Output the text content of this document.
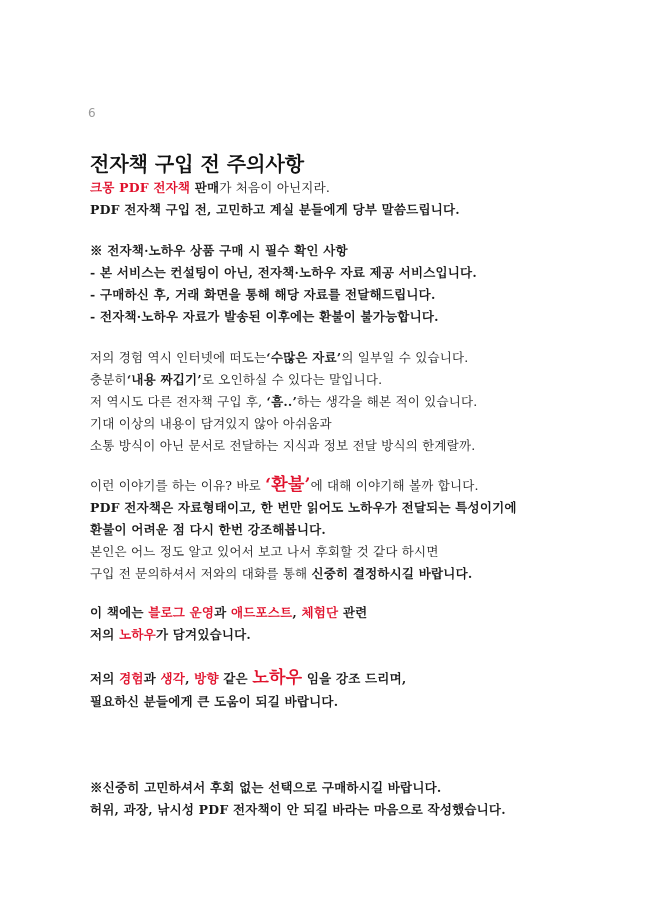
6
전자책 구입 전 주의사항
크몽 PDF 전자책 판매가 처음이 아닌지라.
PDF 전자책 구입 전, 고민하고 계실 분들에게 당부 말씀드립니다.
※ 전자책·노하우 상품 구매 시 필수 확인 사항
- 본 서비스는 컨설팅이 아닌, 전자책·노하우 자료 제공 서비스입니다.
- 구매하신 후, 거래 화면을 통해 해당 자료를 전달해드립니다.
- 전자책·노하우 자료가 발송된 이후에는 환불이 불가능합니다.
저의 경험 역시 인터넷에 떠도는‘수많은 자료’의 일부일 수 있습니다.
충분히‘내용 짜깁기’로 오인하실 수 있다는 말입니다.
저 역시도 다른 전자책 구입 후, ‘흠..’하는 생각을 해본 적이 있습니다.
기대 이상의 내용이 담겨있지 않아 아쉬움과
소통 방식이 아닌 문서로 전달하는 지식과 정보 전달 방식의 한계랄까.
이런 이야기를 하는 이유? 바로 ‘환불’에 대해 이야기해 볼까 합니다.
PDF 전자책은 자료형태이고, 한 번만 읽어도 노하우가 전달되는 특성이기에
환불이 어려운 점 다시 한번 강조해봅니다.
본인은 어느 정도 알고 있어서 보고 나서 후회할 것 같다 하시면
구입 전 문의하셔서 저와의 대화를 통해 신중히 결정하시길 바랍니다.
이 책에는 블로그 운영과 애드포스트, 체험단 관련
저의 노하우가 담겨있습니다.
저의 경험과 생각, 방향 같은 노하우 임을 강조 드리며,
필요하신 분들에게 큰 도움이 되길 바랍니다.
※신중히 고민하셔서 후회 없는 선택으로 구매하시길 바랍니다.
허위, 과장, 낚시성 PDF 전자책이 안 되길 바라는 마음으로 작성했습니다.
